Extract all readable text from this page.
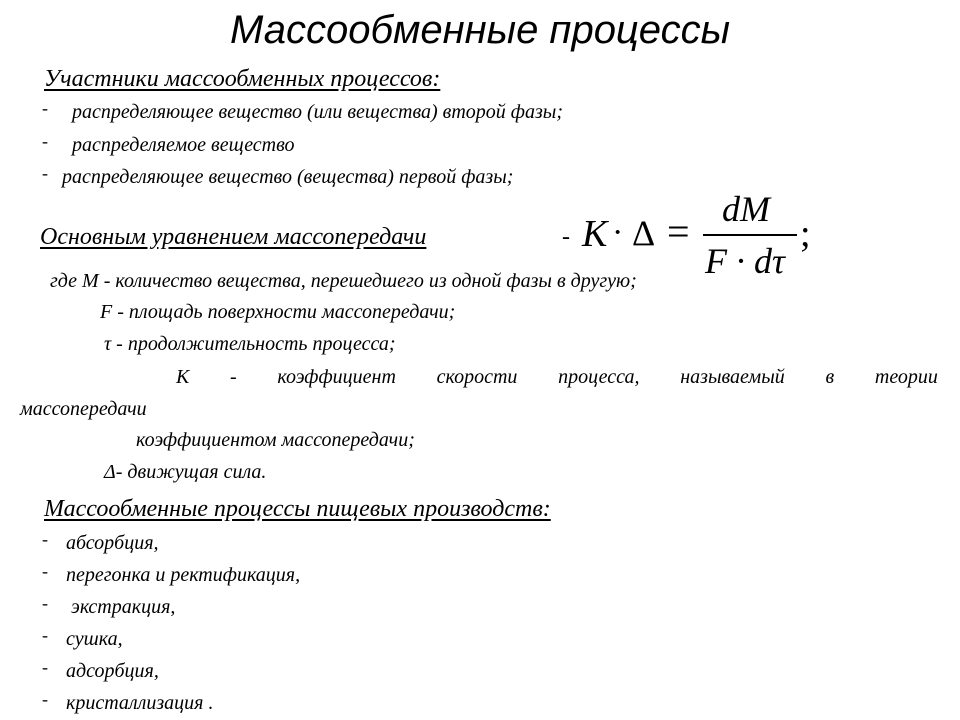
Массообменные процессы
Участники массообменных процессов:
- распределяющее вещество (или вещества) второй фазы;
- распределяемое вещество
- распределяющее вещество (вещества) первой фазы;
Основным уравнением массопередачи	- K · Δ = dM
F · dτ
;
где M - количество вещества, перешедшего из одной фазы в другую;
F - площадь поверхности массопередачи;
τ - продолжительность процесса;
К - коэффициент скорости процесса, называемый в теории
массопередачи
коэффициентом массопередачи;
Δ- движущая сила.
Массообменные процессы пищевых производств:
- абсорбция,
- перегонка и ректификация,
- экстракция,
- сушка,
- адсорбция,
- кристаллизация .
